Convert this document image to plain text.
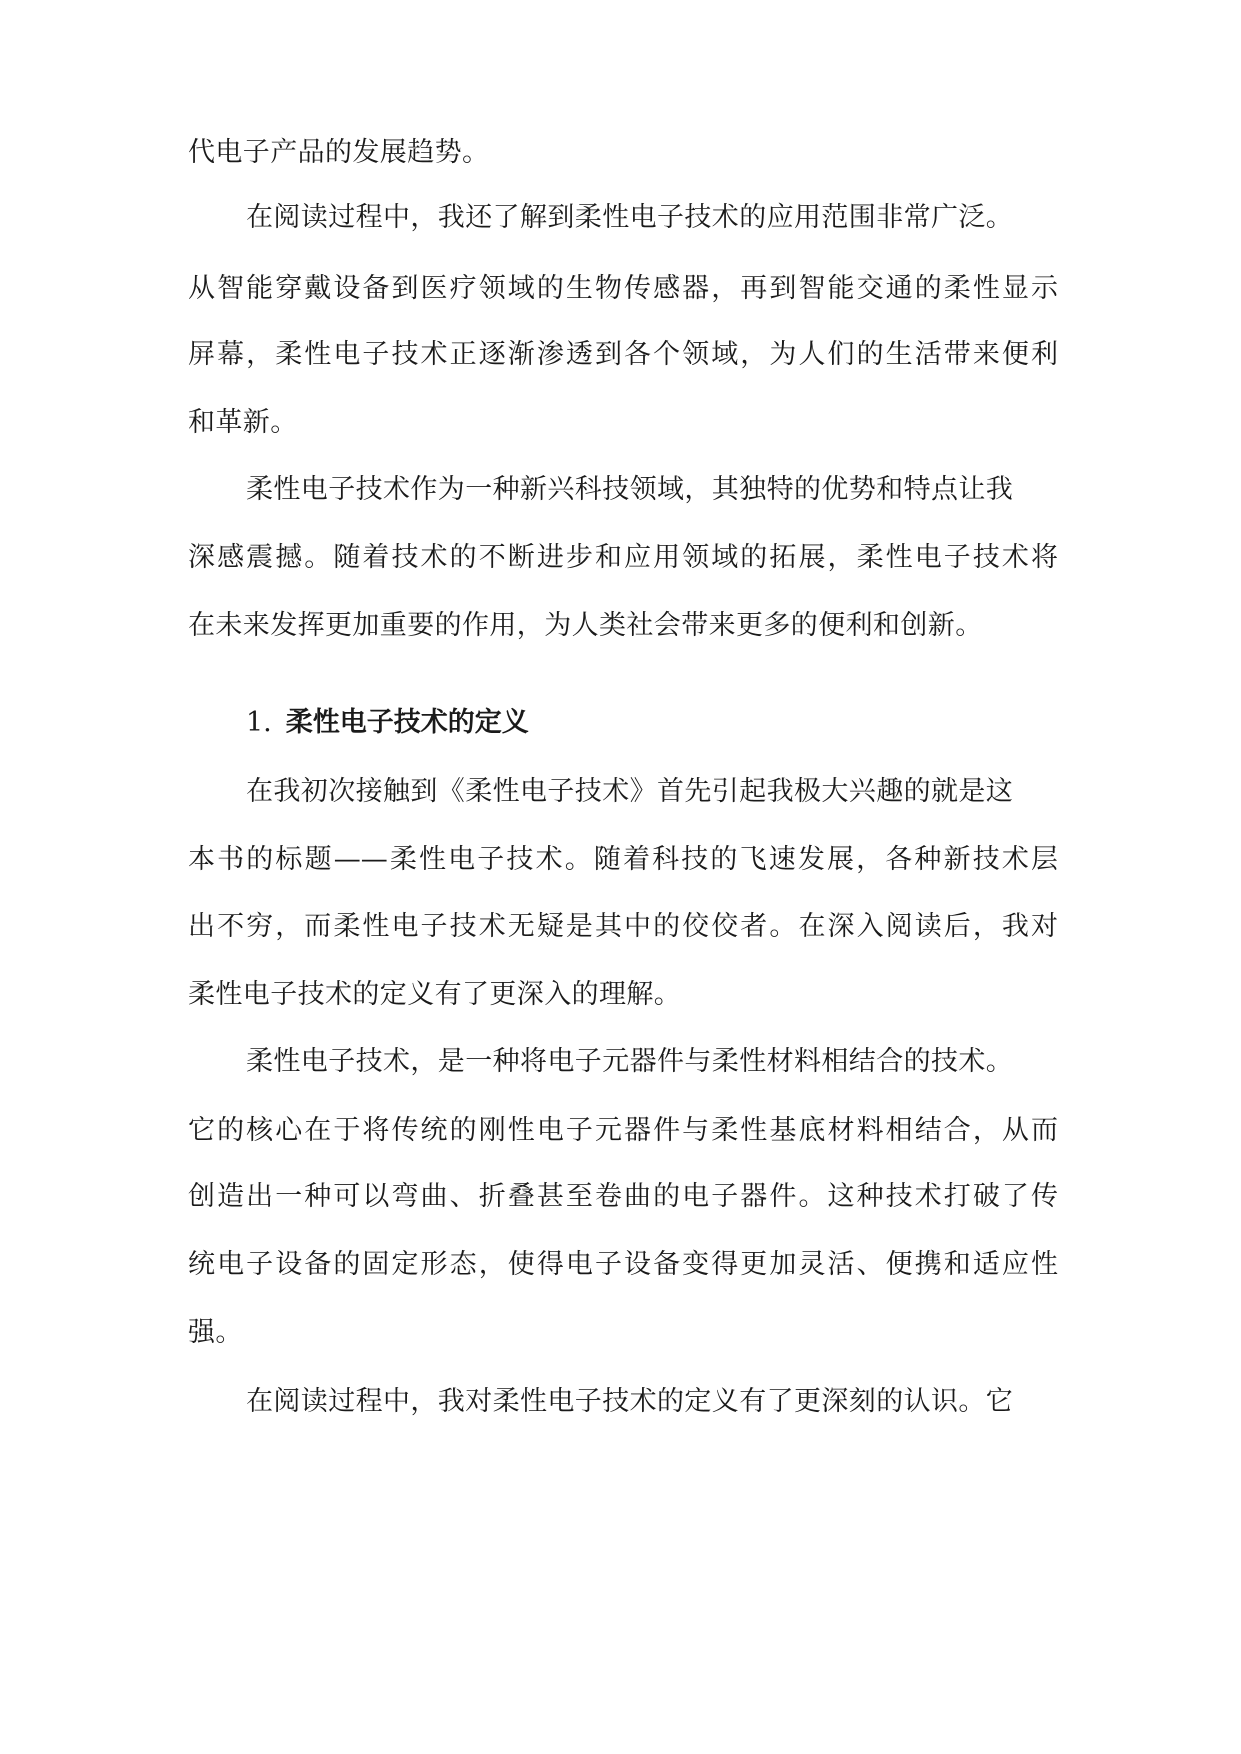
代电子产品的发展趋势。
在阅读过程中，我还了解到柔性电子技术的应用范围非常广泛。
从智能穿戴设备到医疗领域的生物传感器，再到智能交通的柔性显示
屏幕，柔性电子技术正逐渐渗透到各个领域，为人们的生活带来便利
和革新。
柔性电子技术作为一种新兴科技领域，其独特的优势和特点让我
深感震撼。随着技术的不断进步和应用领域的拓展，柔性电子技术将
在未来发挥更加重要的作用，为人类社会带来更多的便利和创新。
1. 柔性电子技术的定义
在我初次接触到《柔性电子技术》首先引起我极大兴趣的就是这
本书的标题——柔性电子技术。随着科技的飞速发展，各种新技术层
出不穷，而柔性电子技术无疑是其中的佼佼者。在深入阅读后，我对
柔性电子技术的定义有了更深入的理解。
柔性电子技术，是一种将电子元器件与柔性材料相结合的技术。
它的核心在于将传统的刚性电子元器件与柔性基底材料相结合，从而
创造出一种可以弯曲、折叠甚至卷曲的电子器件。这种技术打破了传
统电子设备的固定形态，使得电子设备变得更加灵活、便携和适应性
强。
在阅读过程中，我对柔性电子技术的定义有了更深刻的认识。它
